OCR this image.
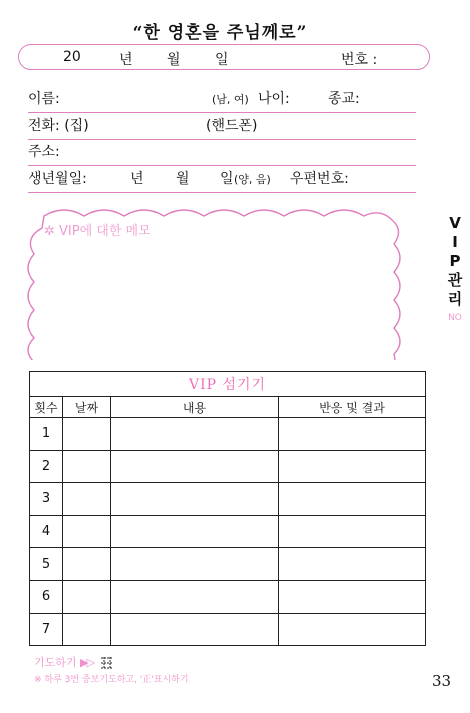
“한 영혼을 주님께로”
20	년 월 일	번호 :
이름:	(남, 여) 나이:	종교:
전화: (집)	(핸드폰)
주소:
생년월일:	년 월 일 (양, 음) 우편번호:
✲ VIP에 대한 메모	V
I
P
관
리
NO
VIP 섬기기			
횟수	날짜	내용	반응 및 결과
1			
2			
3			
4			
5			
6			
7			
기도하기 ▶▷
※ 하루 3번 중보기도하고, '正'표시하기	33
